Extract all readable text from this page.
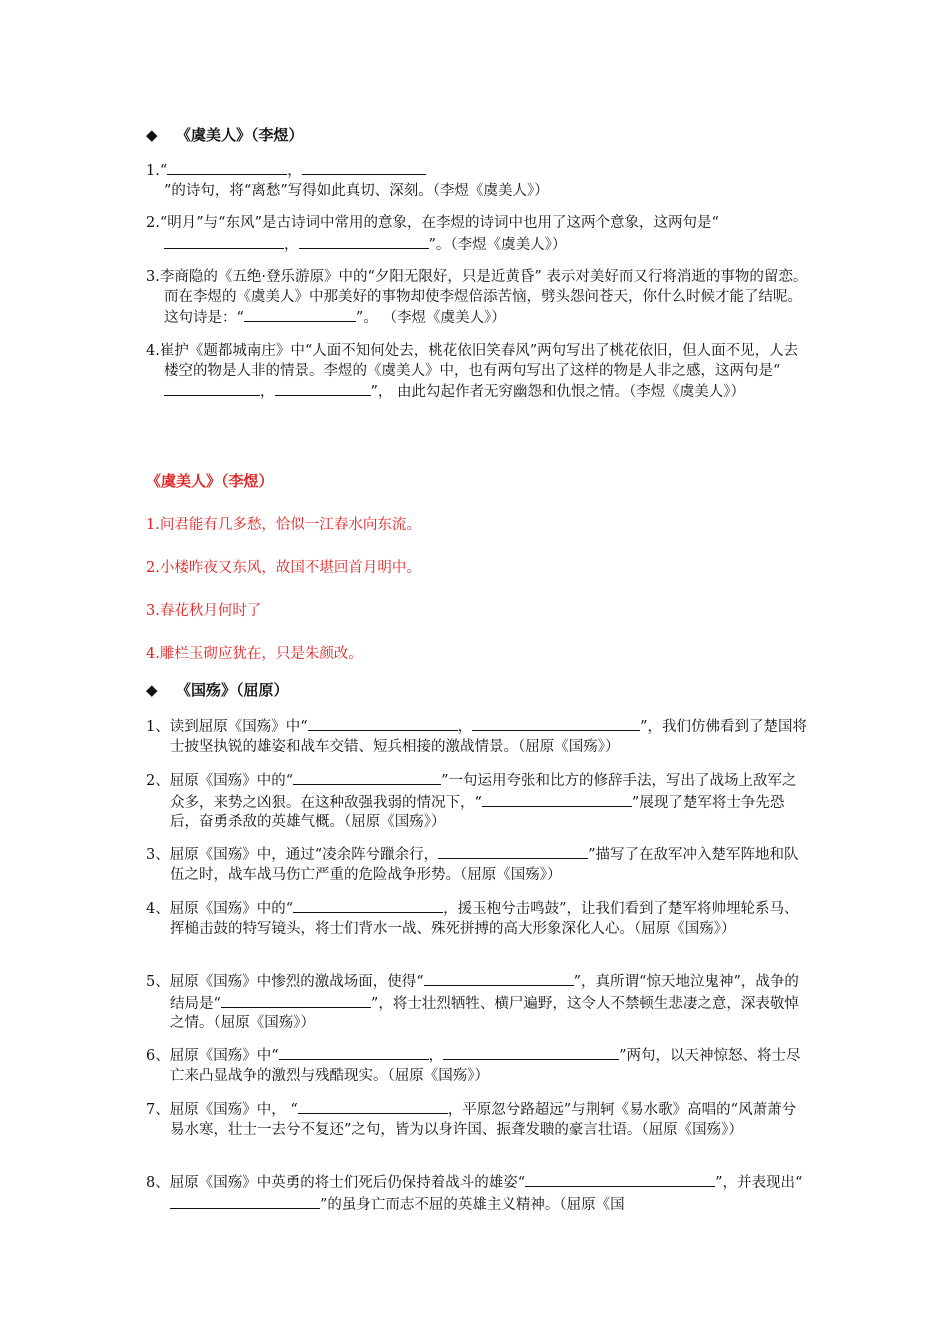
◆ 《虞美人》（李煜）
1.“	，”的诗句，将“离愁”写得如此真切、深刻。（李煜《虞美人》）
2.“明月”与“东风”是古诗词中常用的意象，在李煜的诗词中也用了这两个意象，这两句是“，	”。（李煜《虞美人》）
3.李商隐的《五绝·登乐游原》中的“夕阳无限好，只是近黄昏” 表示对美好而又行将消逝的事物的留恋。而在李煜的《虞美人》中那美好的事物却使李煜倍添苦恼，劈头怨问苍天，你什么时候才能了结呢。这句诗是：“	”。 （李煜《虞美人》）
4.崔护《题都城南庄》中“人面不知何处去，桃花依旧笑春风”两句写出了桃花依旧，但人面不见，人去楼空的物是人非的情景。李煜的《虞美人》中，也有两句写出了这样的物是人非之感，这两句是“，	”， 由此勾起作者无穷幽怨和仇恨之情。（李煜《虞美人》）
《虞美人》（李煜）
1.问君能有几多愁，恰似一江春水向东流。
2.小楼昨夜又东风，故国不堪回首月明中。
3.春花秋月何时了
4.雕栏玉砌应犹在，只是朱颜改。
◆ 《国殇》（屈原）
1、读到屈原《国殇》中“	，	”，我们仿佛看到了楚国将士披坚执锐的雄姿和战车交错、短兵相接的激战情景。（屈原《国殇》）
2、屈原《国殇》中的“	”一句运用夸张和比方的修辞手法，写出了战场上敌军之众多，来势之凶狠。在这种敌强我弱的情况下，“	”展现了楚军将士争先恐后，奋勇杀敌的英雄气概。（屈原《国殇》）
3、屈原《国殇》中，通过“凌余阵兮躐余行，	”描写了在敌军冲入楚军阵地和队伍之时，战车战马伤亡严重的危险战争形势。（屈原《国殇》）
4、屈原《国殇》中的“	，援玉枹兮击鸣鼓”，让我们看到了楚军将帅埋轮系马、挥槌击鼓的特写镜头，将士们背水一战、殊死拼搏的高大形象深化人心。（屈原《国殇》）
5、屈原《国殇》中惨烈的激战场面，使得“	”，真所谓“惊天地泣鬼神”，战争的结局是“	”，将士壮烈牺牲、横尸遍野，这令人不禁顿生悲凄之意，深表敬悼之情。（屈原《国殇》）
6、屈原《国殇》中“	，	”两句，以天神惊怒、将士尽亡来凸显战争的激烈与残酷现实。（屈原《国殇》）
7、屈原《国殇》中， “	，平原忽兮路超远”与荆轲《易水歌》高唱的“风萧萧兮易水寒，壮士一去兮不复还”之句，皆为以身许国、振聋发聩的豪言壮语。（屈原《国殇》）
8、屈原《国殇》中英勇的将士们死后仍保持着战斗的雄姿“	”，并表现出“”的虽身亡而志不屈的英雄主义精神。（屈原《国
